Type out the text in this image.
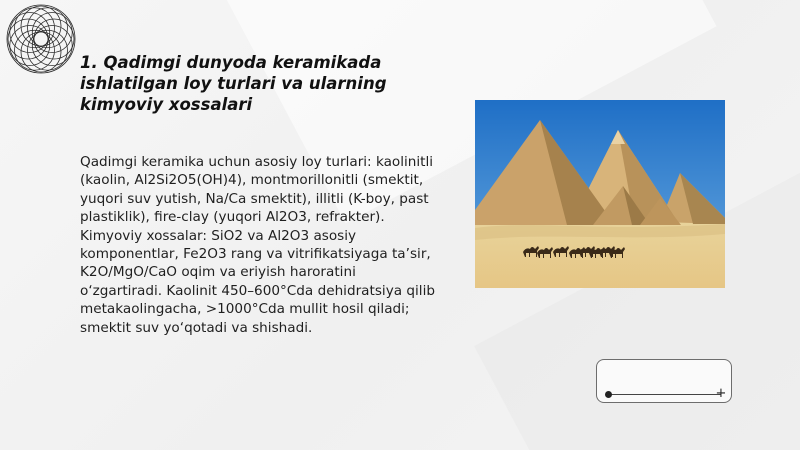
1. Qadimgi dunyoda keramikada ishlatilgan loy turlari va ularning kimyoviy xossalari

Qadimgi keramika uchun asosiy loy turlari: kaolinitli (kaolin, Al2Si2O5(OH)4), montmorillonitli (smektit, yuqori suv yutish, Na/Ca smektit), illitli (K-boy, past plastiklik), fire-clay (yuqori Al2O3, refrakter). Kimyoviy xossalar: SiO2 va Al2O3 asosiy komponentlar, Fe2O3 rang va vitrifikatsiyaga ta’sir, K2O/MgO/CaO oqim va eriyish haroratini o‘zgartiradi. Kaolinit 450–600°Cda dehidratsiya qilib metakaolingacha, >1000°Cda mullit hosil qiladi; smektit suv yo‘qotadi va shishadi.

+
